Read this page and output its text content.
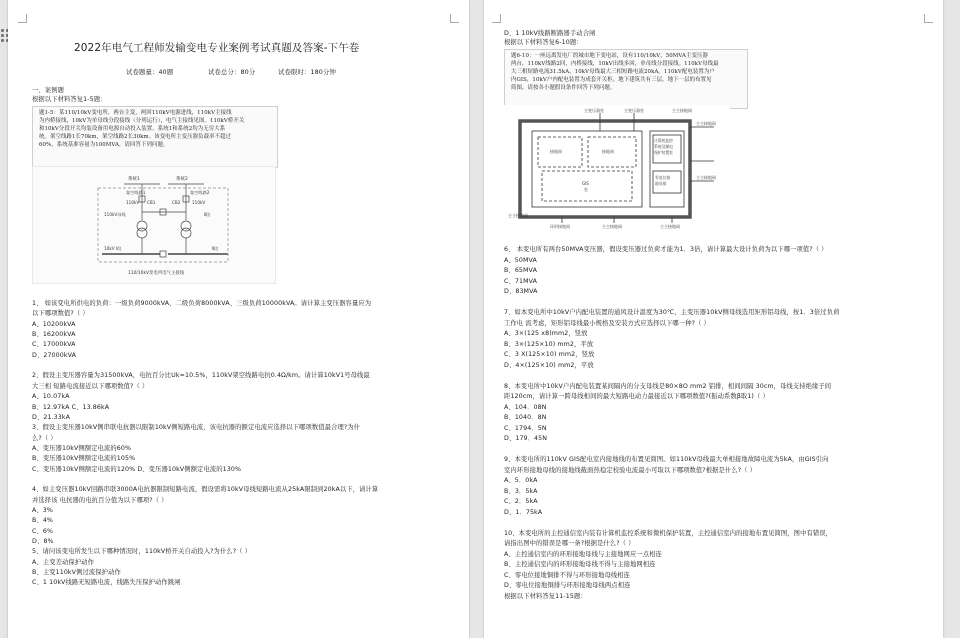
2022年电气工程师发输变电专业案例考试真题及答案-下午卷
试卷题量：40题	试卷总分：80分	试卷限时：180分钟
一、案例题
根据以下材料答复1-5题：
题1-5：某110/10kV变电所，两台主变，两回110kV电源进线，110kV主接线
为内桥接线，10kV为单母线分段接线（分列运行），电气主接线见图。110kV桥开关
和10kV分段开关均装设备用电源自动投入装置。系统1和系统2均为无穷大系
统。架空线路1长70km，架空线路2长30km。该变电所主变压器负载率不超过
60%，系统基准容量为100MVA，请回答下列问题。
系统1	系统2
架空线路1	架空线路2
110kV	110kV
CB1	CB2
110kV母线	Ⅱ段
10kV Ⅰ段	Ⅱ段
110/10kV变电所电气主接线
1、 如该变电所供电的负荷：一级负荷9000kVA，二级负荷8000kVA、三级负荷10000kVA。请计算主变压器容量应为
以下哪项数值?（ ）
A、10200kVA
B、16200kVA
C、17000kVA
D、27000kVA
2、假设主变压器容量为31500kVA，电抗百分比Uk=10.5%，110kV架空线路电抗0.4Ω/km。请计算10kV1号母线最
大三相 短路电流接近以下哪项数值?（ ）
A、10.07kA
B、12.97kA C、13.86kA
D、21.33kA
3、假设主变压器10kV侧串联电抗器以限制10kV侧短路电流，该电抗器的额定电流应选择以下哪项数值最合理?为什
么?（ ）
A、变压器10kV侧额定电流的60%
B、变压器10kV侧额定电流的105%
C、变压器10kV侧额定电流的120% D、变压器10kV侧额定电流的130%
4、如主变压器10kV回路串联3000A电抗器限制短路电流，假设需将10kV母线短路电流从25kA限制到20kA以下，请计算
并选择该 电抗器的电抗百分值为以下哪项?（ ）
A、3%
B、4%
C、6%
D、8%
5、请问该变电所发生以下哪种情况时，110kV桥开关自动投入?为什么?（ ）
A、主变差动保护动作
B、主变110kV侧过流保护动作
C、1 10kV线路无短路电流，线路失压保护动作跳闸
D、1 10kV线路断路器手动合闸
根据以下材料答复6-10题：
题6-10：一座远离发电厂的城市地下变电站，设有110/10kV，50MVA主变压器
两台，110kV线路2回，内桥接线，10kV出线多回，单母线分段接线。110kV母线最
大三相短路电流31.5kA，10kV母线最大三相短路电流20kA。110kV配电装置为户
内GIS，10kV户内配电装置为成套开关柜。地下建筑共有三层，地下一层的布置见
简图，请按各小题假设条件回答下列问题。
主变压器室	主变压器室	主主接地网
接地网	接地网
计算机监控
系统及继电
保护装置室
GIS
室
零电位接
地母排
主主接地网
主主接地网
主主接地网
环形接地网	主主接地网	主主接地网
6、 本变电所有两台50MVA变压器，假设变压器过负荷才能为1．3倍，请计算最大设计负荷为以下哪一项值?（ ）
A、50MVA
B、65MVA
C、71MVA
D、83MVA
7、如本变电所中10kV户内配电装置的通风设计温度为30℃，主变压器10kV侧母线选用矩形铝母线，按1．3倍过负荷
工作电 流考虑，矩形铝母线最小规格及安装方式应选择以下哪一种?（ ）
A、3×(125 x8)mm2，竖放
B、3×(125×10) mm2，平放
C、3 X(125×10) mm2，竖放
D、4×(125×10) mm2，平放
8、本变电所中10kV户内配电装置某间隔内的分支母线是80×8O mm2 铝排，相间间隔 30cm，母线支持绝缘子间
距120cm，请计算一跨母线相间的最大短路电动力最接近以下哪项数值?(振动系数β取1)（ ）
A、104．08N
B、1040．8N
C、1794．5N
D、179．45N
9、本变电所的110kV GIS配电室内接地线的布置见简图。如110kV母线最大单相接地故障电流为5kA，由GIS引向
室内环形接地母线的接地线截面热稳定校验电流最小可取以下哪项数值?根据是什么?（ ）
A、5．0kA
B、3．5kA
C、2．5kA
D、1．75kA
10、本变电所的主控通信室内装有计算机监控系统和微机保护装置，主控通信室内的接地布置见简图，图中有错误，
请指出图中的错误是哪一条?根据是什么?（ ）
A、主控通信室内的环形接地母线与主接地网应一点相连
B、主控通信室内的环形接地母线不得与主接地网相连
C、零电位接地铜排不得与环形接地母线相连
D、零电位接地铜排与环形接地母线两点相连
根据以下材料答复11-15题：
